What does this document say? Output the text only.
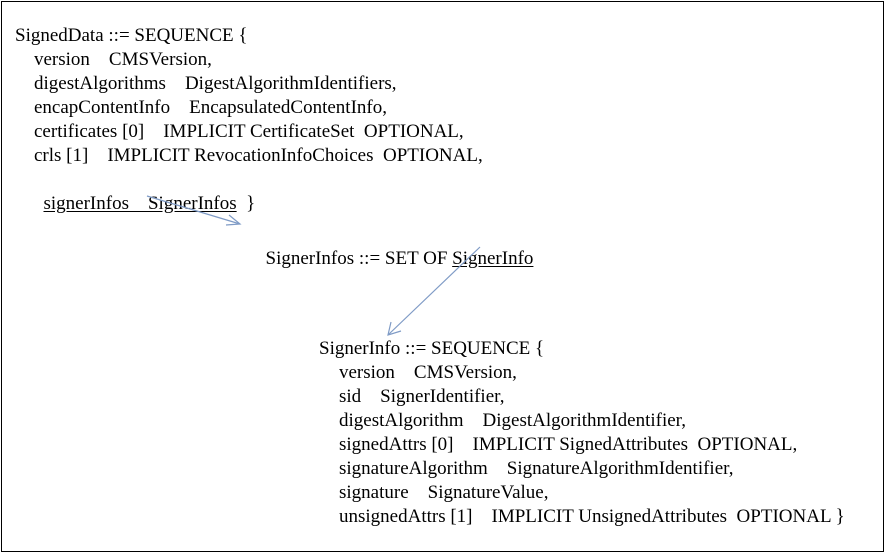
SignedData ::= SEQUENCE {
version    CMSVersion,
digestAlgorithms    DigestAlgorithmIdentifiers,
encapContentInfo    EncapsulatedContentInfo,
certificates [0]    IMPLICIT CertificateSet  OPTIONAL,
crls [1]    IMPLICIT RevocationInfoChoices  OPTIONAL,

signerInfos    SignerInfos  }

SignerInfos ::= SET OF SignerInfo

SignerInfo ::= SEQUENCE {
version    CMSVersion,
sid    SignerIdentifier,
digestAlgorithm    DigestAlgorithmIdentifier,
signedAttrs [0]    IMPLICIT SignedAttributes  OPTIONAL,
signatureAlgorithm    SignatureAlgorithmIdentifier,
signature    SignatureValue,
unsignedAttrs [1]    IMPLICIT UnsignedAttributes  OPTIONAL }
